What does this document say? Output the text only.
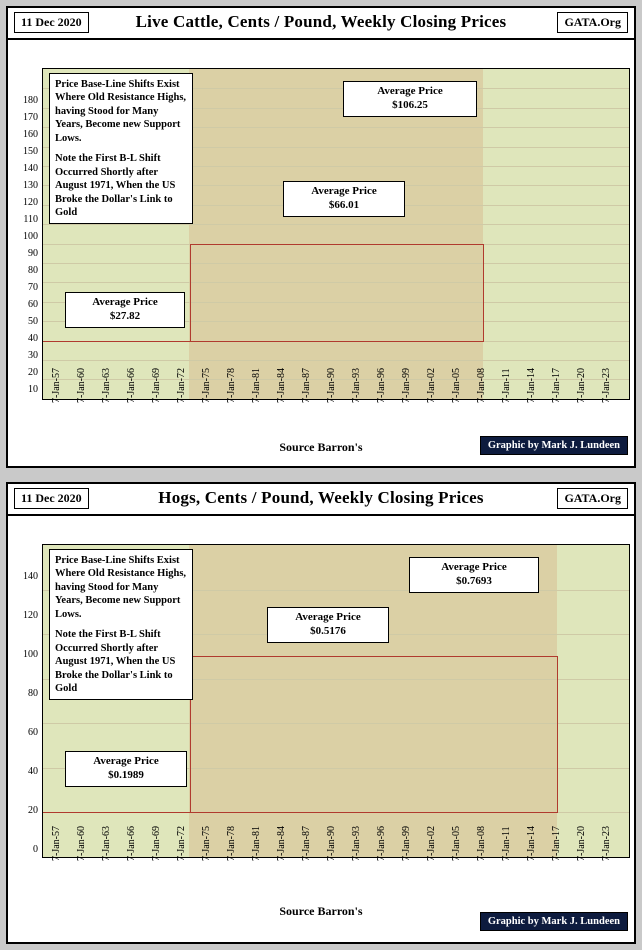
11 Dec 2020	Live Cattle, Cents / Pound, Weekly Closing Prices	GATA.Org
180
170
160
150
140
130
120
110
100
90
80
70
60
50
40
30
20
10
Price Base-Line Shifts Exist Where Old Resistance Highs, having Stood for Many Years, Become new Support Lows.
Note the First B-L Shift Occurred Shortly after August 1971, When the US Broke the Dollar's Link to Gold
Average Price
$27.82
Average Price
$66.01
Average Price
$106.25
7-Jan-57 7-Jan-60 7-Jan-63 7-Jan-66 7-Jan-69 7-Jan-72 7-Jan-75 7-Jan-78 7-Jan-81 7-Jan-84 7-Jan-87 7-Jan-90 7-Jan-93 7-Jan-96 7-Jan-99 7-Jan-02 7-Jan-05 7-Jan-08 7-Jan-11 7-Jan-14 7-Jan-17 7-Jan-20 7-Jan-23
Source Barron's	Graphic by Mark J. Lundeen
11 Dec 2020	Hogs, Cents / Pound, Weekly Closing Prices	GATA.Org
140
120
100
80
60
40
20
0
Price Base-Line Shifts Exist Where Old Resistance Highs, having Stood for Many Years, Become new Support Lows.
Note the First B-L Shift Occurred Shortly after August 1971, When the US Broke the Dollar's Link to Gold
Average Price
$0.1989
Average Price
$0.5176
Average Price
$0.7693
7-Jan-57 7-Jan-60 7-Jan-63 7-Jan-66 7-Jan-69 7-Jan-72 7-Jan-75 7-Jan-78 7-Jan-81 7-Jan-84 7-Jan-87 7-Jan-90 7-Jan-93 7-Jan-96 7-Jan-99 7-Jan-02 7-Jan-05 7-Jan-08 7-Jan-11 7-Jan-14 7-Jan-17 7-Jan-20 7-Jan-23
Source Barron's
Graphic by Mark J. Lundeen
